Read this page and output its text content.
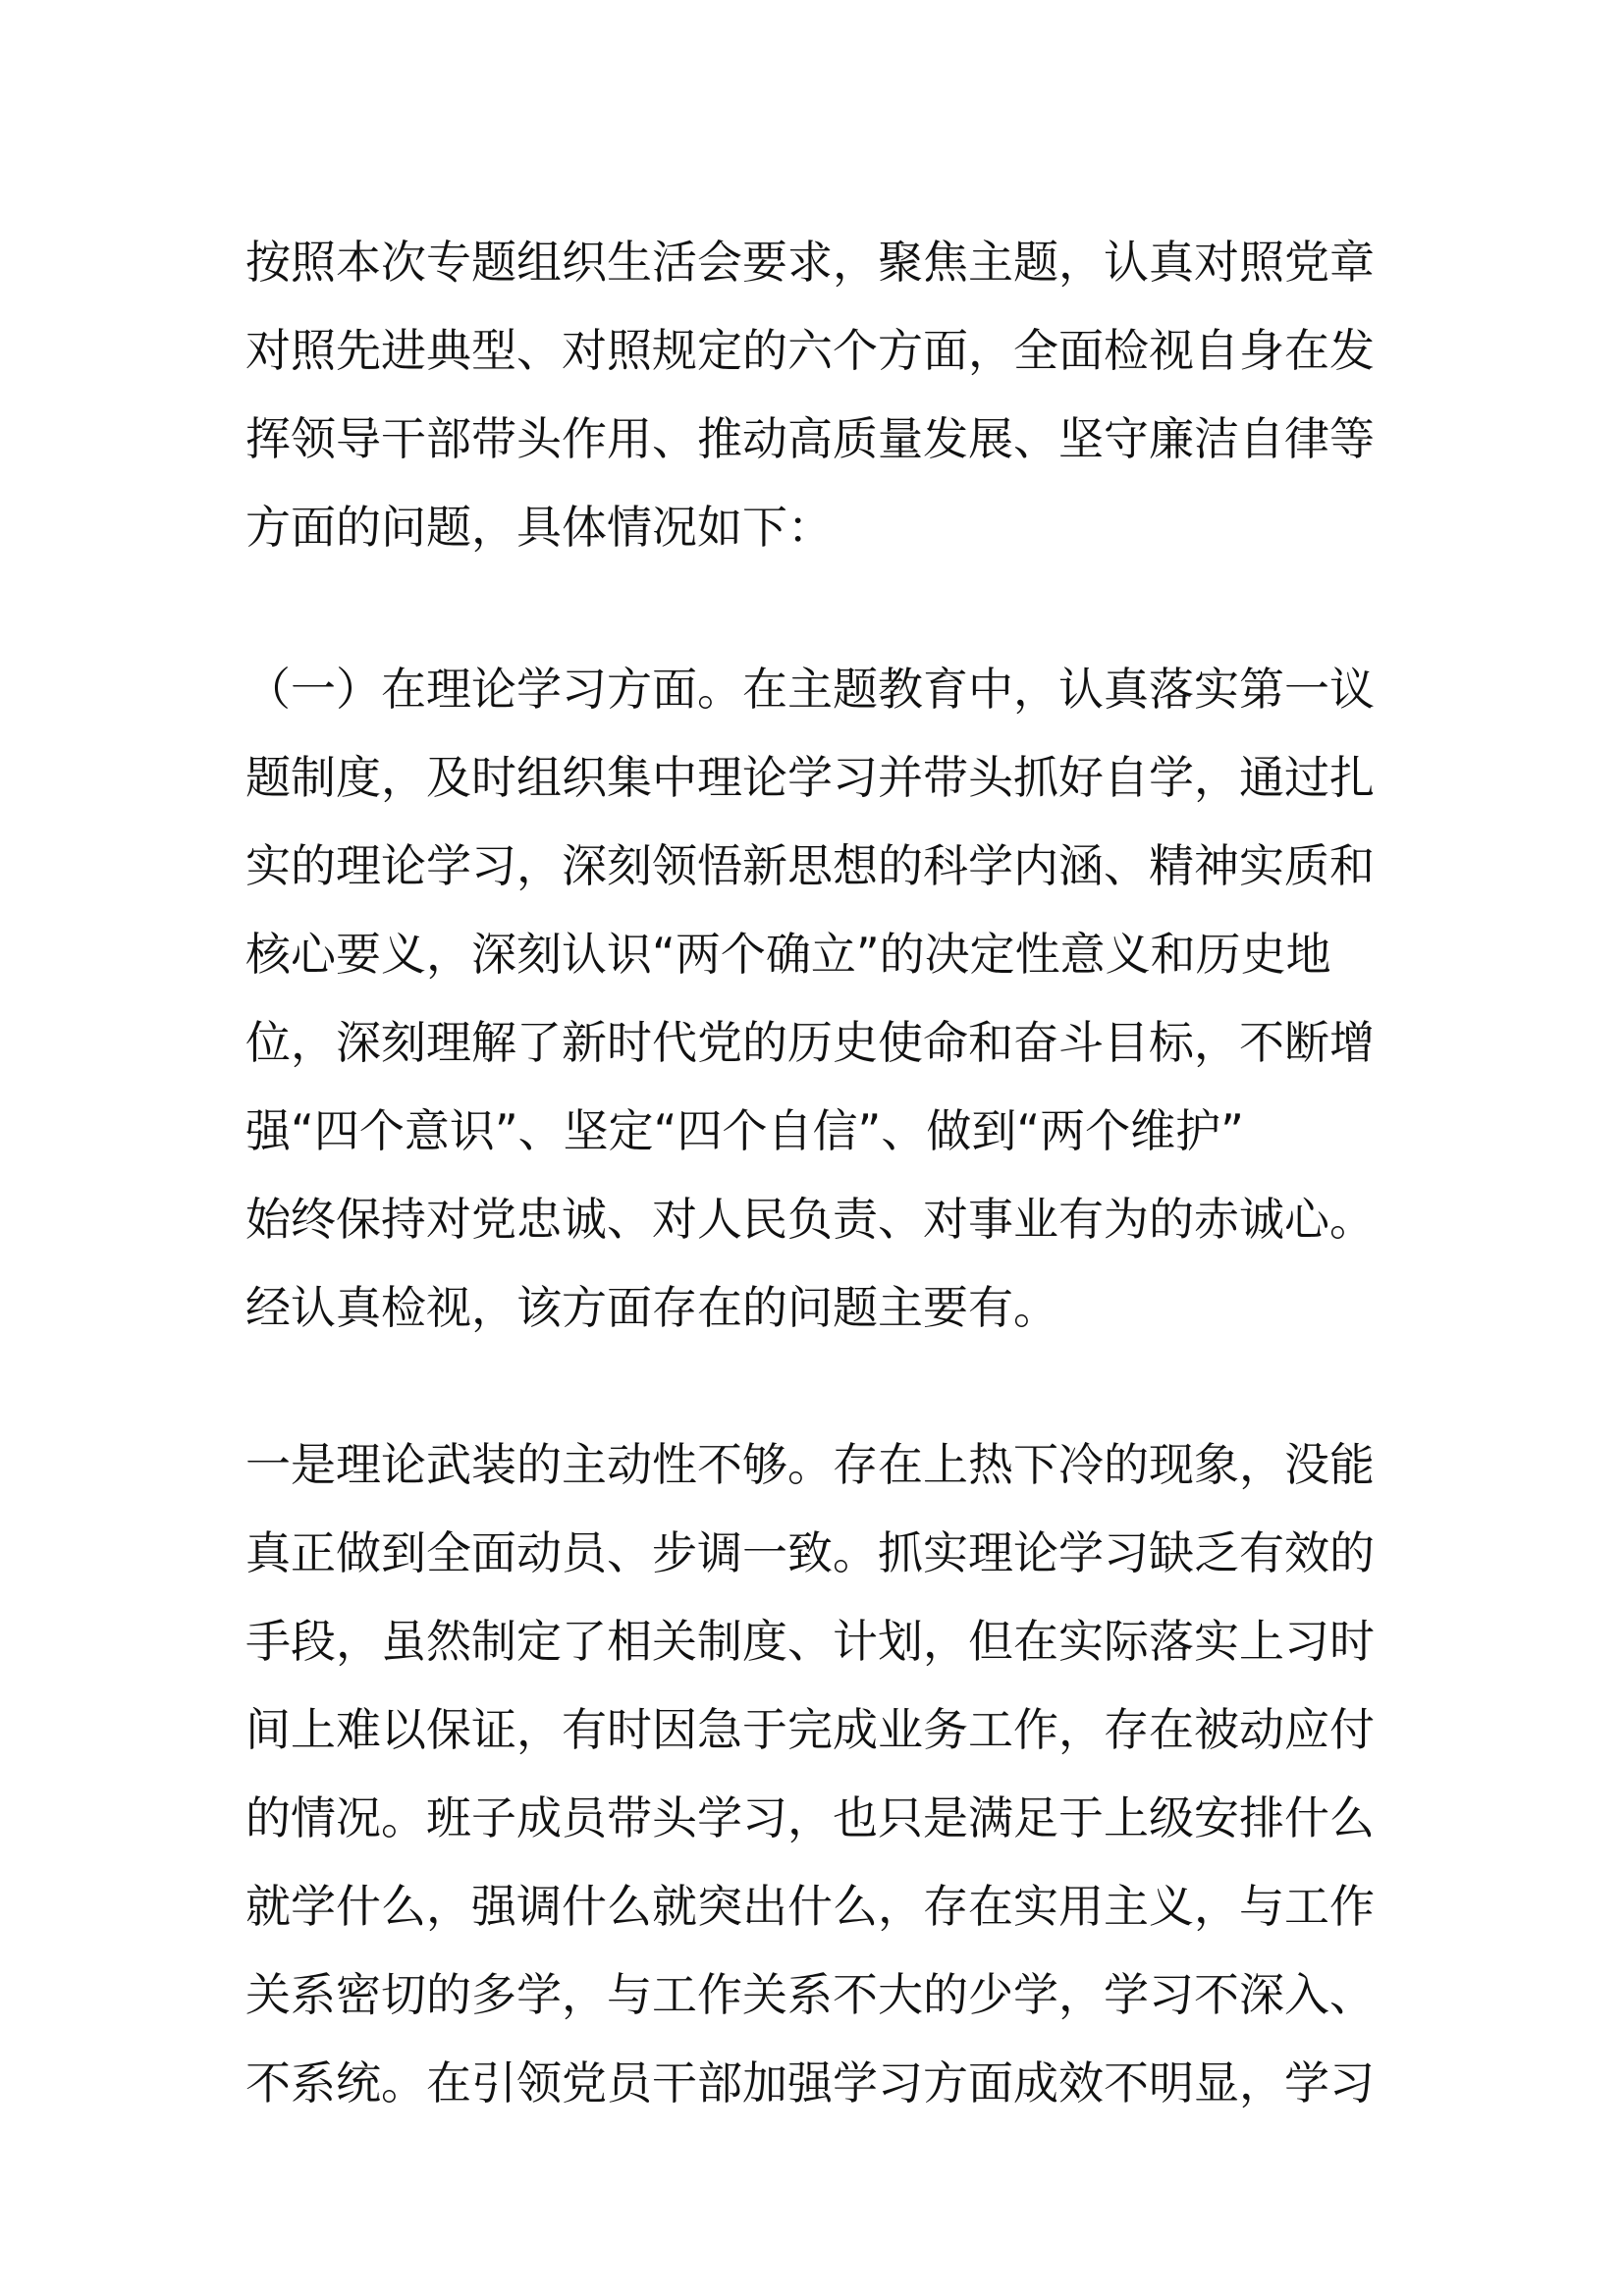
按照本次专题组织生活会要求，聚焦主题，认真对照党章
对照先进典型、对照规定的六个方面，全面检视自身在发
挥领导干部带头作用、推动高质量发展、坚守廉洁自律等
方面的问题，具体情况如下：
（一）在理论学习方面。在主题教育中，认真落实第一议
题制度，及时组织集中理论学习并带头抓好自学，通过扎
实的理论学习，深刻领悟新思想的科学内涵、精神实质和
核心要义，深刻认识“两个确立”的决定性意义和历史地
位，深刻理解了新时代党的历史使命和奋斗目标，不断增
强“四个意识”、坚定“四个自信”、做到“两个维护”
始终保持对党忠诚、对人民负责、对事业有为的赤诚心。
经认真检视，该方面存在的问题主要有。
一是理论武装的主动性不够。存在上热下冷的现象，没能
真正做到全面动员、步调一致。抓实理论学习缺乏有效的
手段，虽然制定了相关制度、计划，但在实际落实上习时
间上难以保证，有时因急于完成业务工作，存在被动应付
的情况。班子成员带头学习，也只是满足于上级安排什么
就学什么，强调什么就突出什么，存在实用主义，与工作
关系密切的多学，与工作关系不大的少学，学习不深入、
不系统。在引领党员干部加强学习方面成效不明显，学习
